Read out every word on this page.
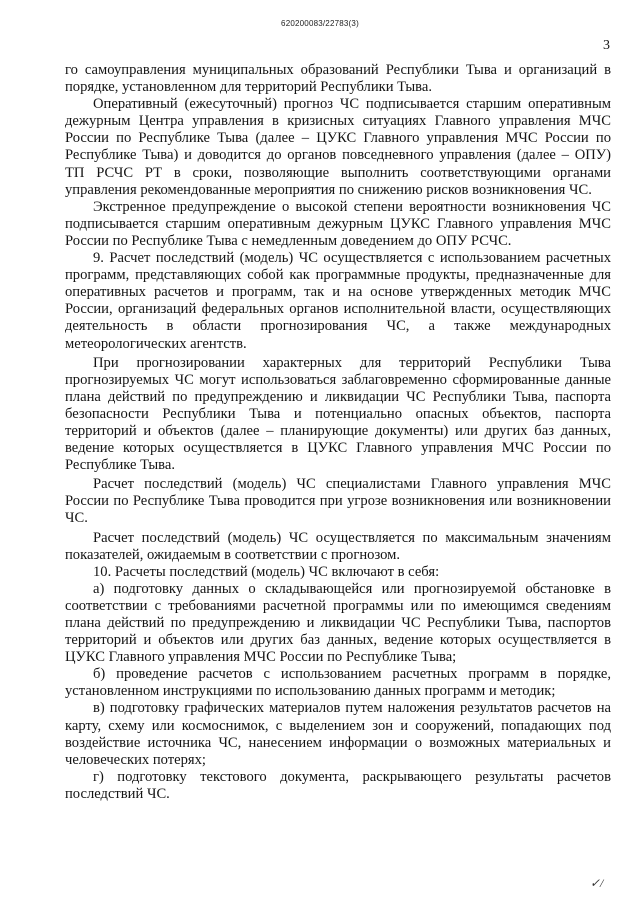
620200083/22783(3)
3

го самоуправления муниципальных образований Республики Тыва и организаций в порядке, установленном для территорий Республики Тыва.

Оперативный (ежесуточный) прогноз ЧС подписывается старшим оперативным дежурным Центра управления в кризисных ситуациях Главного управления МЧС России по Республике Тыва (далее – ЦУКС Главного управления МЧС России по Республике Тыва) и доводится до органов повседневного управления (далее – ОПУ) ТП РСЧС РТ в сроки, позволяющие выполнить соответствующими органами управления рекомендованные мероприятия по снижению рисков возникновения ЧС.

Экстренное предупреждение о высокой степени вероятности возникновения ЧС подписывается старшим оперативным дежурным ЦУКС Главного управления МЧС России по Республике Тыва с немедленным доведением до ОПУ РСЧС.

9. Расчет последствий (модель) ЧС осуществляется с использованием расчетных программ, представляющих собой как программные продукты, предназначенные для оперативных расчетов и программ, так и на основе утвержденных методик МЧС России, организаций федеральных органов исполнительной власти, осуществляющих деятельность в области прогнозирования ЧС, а также международных метеорологических агентств.

При прогнозировании характерных для территорий Республики Тыва прогнозируемых ЧС могут использоваться заблаговременно сформированные данные плана действий по предупреждению и ликвидации ЧС Республики Тыва, паспорта безопасности Республики Тыва и потенциально опасных объектов, паспорта территорий и объектов (далее – планирующие документы) или других баз данных, ведение которых осуществляется в ЦУКС Главного управления МЧС России по Республике Тыва.

Расчет последствий (модель) ЧС специалистами Главного управления МЧС России по Республике Тыва проводится при угрозе возникновения или возникновении ЧС.

Расчет последствий (модель) ЧС осуществляется по максимальным значениям показателей, ожидаемым в соответствии с прогнозом.

10. Расчеты последствий (модель) ЧС включают в себя:

а) подготовку данных о складывающейся или прогнозируемой обстановке в соответствии с требованиями расчетной программы или по имеющимся сведениям плана действий по предупреждению и ликвидации ЧС Республики Тыва, паспортов территорий и объектов или других баз данных, ведение которых осуществляется в ЦУКС Главного управления МЧС России по Республике Тыва;

б) проведение расчетов с использованием расчетных программ в порядке, установленном инструкциями по использованию данных программ и методик;

в) подготовку графических материалов путем наложения результатов расчетов на карту, схему или космоснимок, с выделением зон и сооружений, попадающих под воздействие источника ЧС, нанесением информации о возможных материальных и человеческих потерях;

г) подготовку текстового документа, раскрывающего результаты расчетов последствий ЧС.

✓/
